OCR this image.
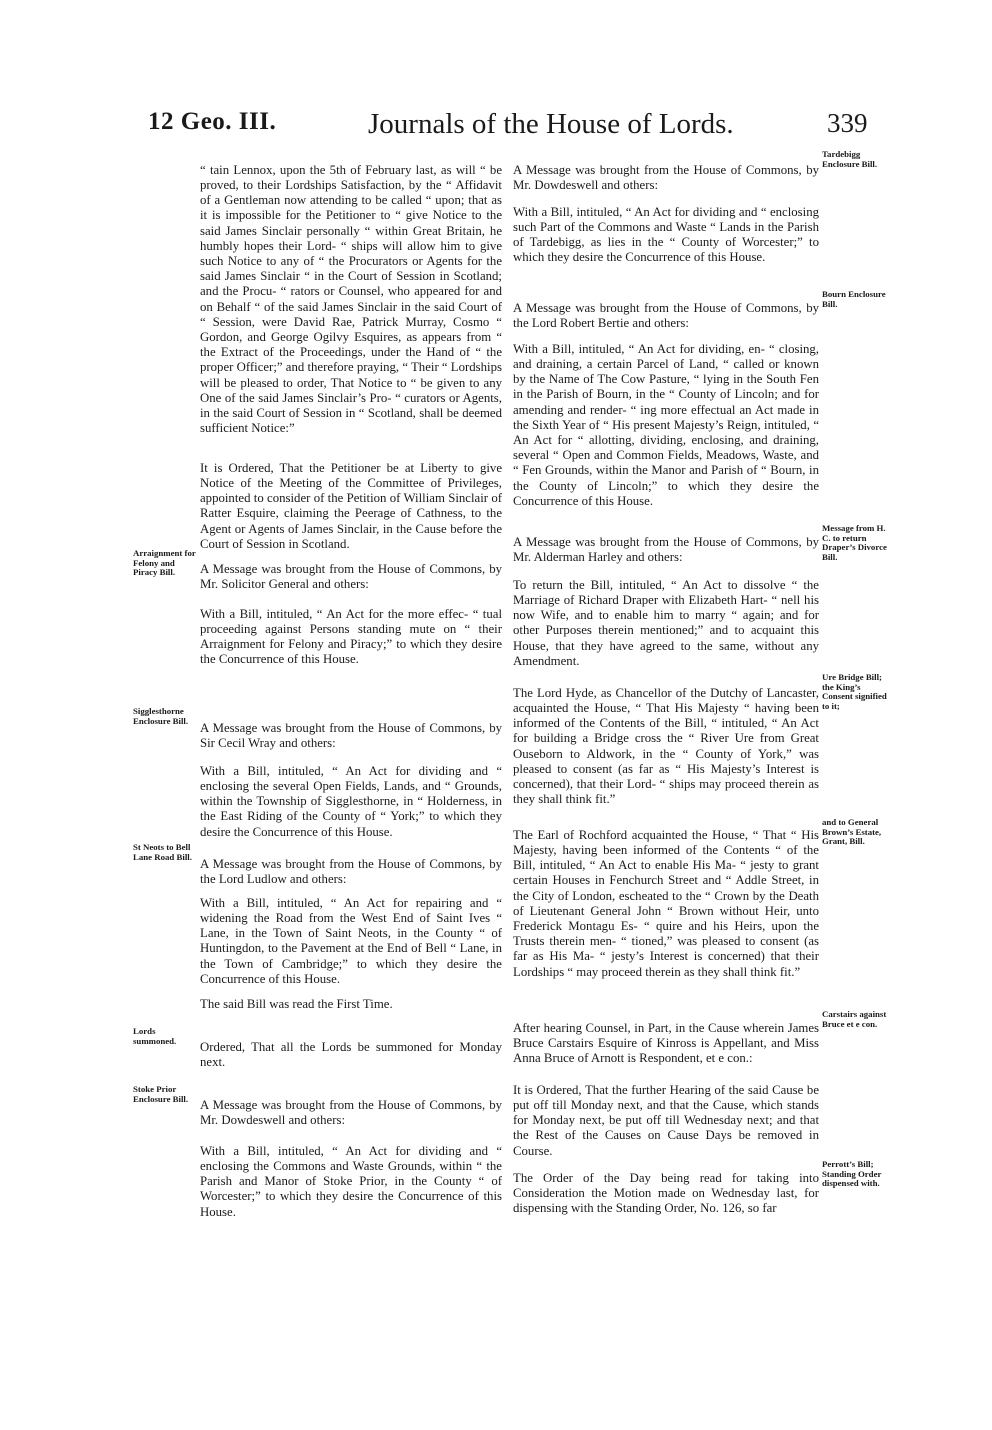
12 Geo. III.	Journals of the House of Lords.	339

“ tain Lennox, upon the 5th of February last, as will “ be proved, to their Lordships Satisfaction, by the “ Affidavit of a Gentleman now attending to be called “ upon; that as it is impossible for the Petitioner to “ give Notice to the said James Sinclair personally “ within Great Britain, he humbly hopes their Lord- “ ships will allow him to give such Notice to any of “ the Procurators or Agents for the said James Sinclair “ in the Court of Session in Scotland; and the Procu- “ rators or Counsel, who appeared for and on Behalf “ of the said James Sinclair in the said Court of “ Session, were David Rae, Patrick Murray, Cosmo “ Gordon, and George Ogilvy Esquires, as appears from “ the Extract of the Proceedings, under the Hand of “ the proper Officer;” and therefore praying, “ Their “ Lordships will be pleased to order, That Notice to “ be given to any One of the said James Sinclair’s Pro- “ curators or Agents, in the said Court of Session in “ Scotland, shall be deemed sufficient Notice:”

It is Ordered, That the Petitioner be at Liberty to give Notice of the Meeting of the Committee of Privileges, appointed to consider of the Petition of William Sinclair of Ratter Esquire, claiming the Peerage of Cathness, to the Agent or Agents of James Sinclair, in the Cause before the Court of Session in Scotland.

A Message was brought from the House of Commons, by Mr. Solicitor General and others:

With a Bill, intituled, “ An Act for the more effec- “ tual proceeding against Persons standing mute on “ their Arraignment for Felony and Piracy;” to which they desire the Concurrence of this House.

A Message was brought from the House of Commons, by Sir Cecil Wray and others:

With a Bill, intituled, “ An Act for dividing and “ enclosing the several Open Fields, Lands, and “ Grounds, within the Township of Sigglesthorne, in “ Holderness, in the East Riding of the County of “ York;” to which they desire the Concurrence of this House.

A Message was brought from the House of Commons, by the Lord Ludlow and others:

With a Bill, intituled, “ An Act for repairing and “ widening the Road from the West End of Saint Ives “ Lane, in the Town of Saint Neots, in the County “ of Huntingdon, to the Pavement at the End of Bell “ Lane, in the Town of Cambridge;” to which they desire the Concurrence of this House.

The said Bill was read the First Time.

Ordered, That all the Lords be summoned for Monday next.

A Message was brought from the House of Commons, by Mr. Dowdeswell and others:

With a Bill, intituled, “ An Act for dividing and “ enclosing the Commons and Waste Grounds, within “ the Parish and Manor of Stoke Prior, in the County “ of Worcester;” to which they desire the Concurrence of this House.

A Message was brought from the House of Commons, by Mr. Dowdeswell and others:

With a Bill, intituled, “ An Act for dividing and “ enclosing such Part of the Commons and Waste “ Lands in the Parish of Tardebigg, as lies in the “ County of Worcester;” to which they desire the Concurrence of this House.

A Message was brought from the House of Commons, by the Lord Robert Bertie and others:

With a Bill, intituled, “ An Act for dividing, en- “ closing, and draining, a certain Parcel of Land, “ called or known by the Name of The Cow Pasture, “ lying in the South Fen in the Parish of Bourn, in the “ County of Lincoln; and for amending and render- “ ing more effectual an Act made in the Sixth Year of “ His present Majesty’s Reign, intituled, “ An Act for “ allotting, dividing, enclosing, and draining, several “ Open and Common Fields, Meadows, Waste, and “ Fen Grounds, within the Manor and Parish of “ Bourn, in the County of Lincoln;” to which they desire the Concurrence of this House.

A Message was brought from the House of Commons, by Mr. Alderman Harley and others:

To return the Bill, intituled, “ An Act to dissolve “ the Marriage of Richard Draper with Elizabeth Hart- “ nell his now Wife, and to enable him to marry “ again; and for other Purposes therein mentioned;” and to acquaint this House, that they have agreed to the same, without any Amendment.

The Lord Hyde, as Chancellor of the Dutchy of Lancaster, acquainted the House, “ That His Majesty “ having been informed of the Contents of the Bill, “ intituled, “ An Act for building a Bridge cross the “ River Ure from Great Ouseborn to Aldwork, in the “ County of York,” was pleased to consent (as far as “ His Majesty’s Interest is concerned), that their Lord- “ ships may proceed therein as they shall think fit.”

The Earl of Rochford acquainted the House, “ That “ His Majesty, having been informed of the Contents “ of the Bill, intituled, “ An Act to enable His Ma- “ jesty to grant certain Houses in Fenchurch Street and “ Addle Street, in the City of London, escheated to the “ Crown by the Death of Lieutenant General John “ Brown without Heir, unto Frederick Montagu Es- “ quire and his Heirs, upon the Trusts therein men- “ tioned,” was pleased to consent (as far as His Ma- “ jesty’s Interest is concerned) that their Lordships “ may proceed therein as they shall think fit.”

After hearing Counsel, in Part, in the Cause wherein James Bruce Carstairs Esquire of Kinross is Appellant, and Miss Anna Bruce of Arnott is Respondent, et e con.:

It is Ordered, That the further Hearing of the said Cause be put off till Monday next, and that the Cause, which stands for Monday next, be put off till Wednesday next; and that the Rest of the Causes on Cause Days be removed in Course.

The Order of the Day being read for taking into Consideration the Motion made on Wednesday last, for dispensing with the Standing Order, No. 126, so far

Arraignment for Felony and Piracy Bill.
Sigglesthorne Enclosure Bill.
St Neots to Bell Lane Road Bill.
Lords summoned.
Stoke Prior Enclosure Bill.
Tardebigg Enclosure Bill.
Bourn Enclosure Bill.
Message from H. C. to return Draper’s Divorce Bill.
Ure Bridge Bill; the King’s Consent signified to it;
and to General Brown’s Estate, Grant, Bill.
Carstairs against Bruce et e con.
Perrott’s Bill; Standing Order dispensed with.
